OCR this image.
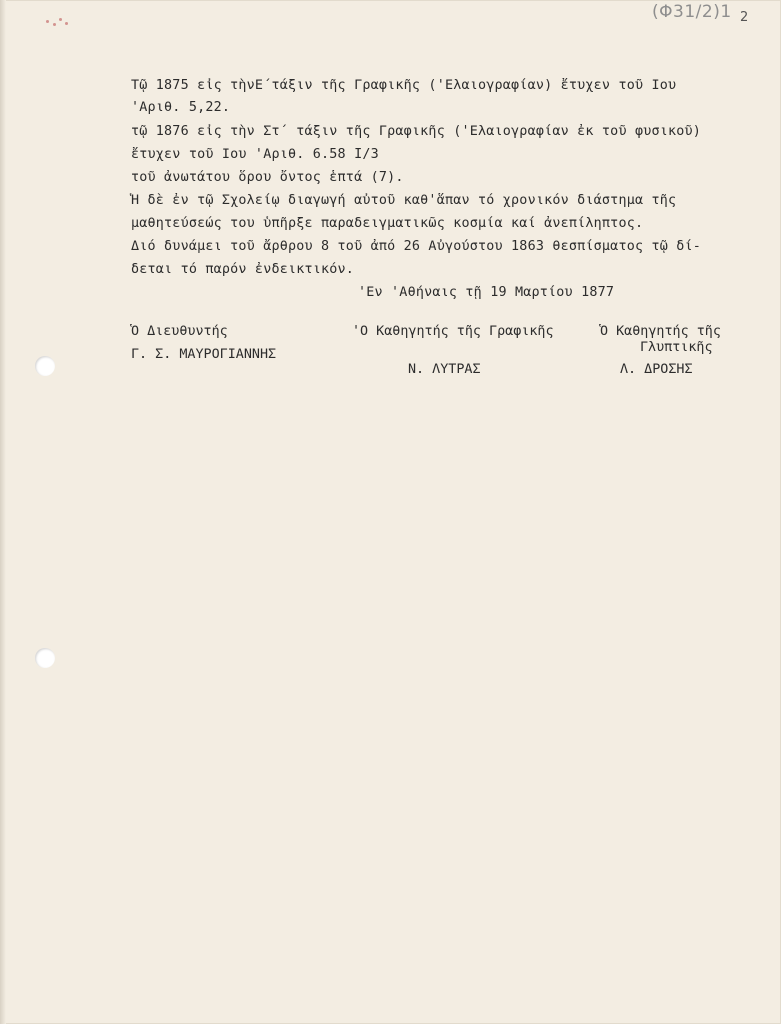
(Φ31/2)1 2
Τῷ 1875 εἰς τὴνΕ΄τάξιν τῆς Γραφικῆς ('Ελαιογραφίαν) ἔτυχεν τοῦ Ιου
'Αριθ. 5,22.
τῷ 1876 εἰς τὴν Στ΄ τάξιν τῆς Γραφικῆς ('Ελαιογραφίαν ἐκ τοῦ φυσικοῦ)
ἔτυχεν τοῦ Ιου 'Αριθ. 6.58 I/3
τοῦ ἀνωτάτου ὅρου ὄντος ἑπτά (7).
Ἡ δὲ ἐν τῷ Σχολείῳ διαγωγή αὐτοῦ καθ'ἅπαν τό χρονικόν διάστημα τῆς
μαθητεύσεώς του ὑπῆρξε παραδειγματικῶς κοσμία καί ἀνεπίληπτος.
Διό δυνάμει τοῦ ἄρθρου 8 τοῦ ἀπό 26 Αὐγούστου 1863 θεσπίσματος τῷ δί-
δεται τό παρόν ἐνδεικτικόν.
'Εν 'Αθήναις τῇ 19 Μαρτίου 1877
Ὁ Διευθυντής
Γ. Σ. ΜΑΥΡΟΓΙΑΝΝΗΣ
'Ο Καθηγητής τῆς Γραφικῆς
Ν. ΛΥΤΡΑΣ
Ὁ Καθηγητής τῆς
Γλυπτικῆς
Λ. ΔΡΟΣΗΣ
